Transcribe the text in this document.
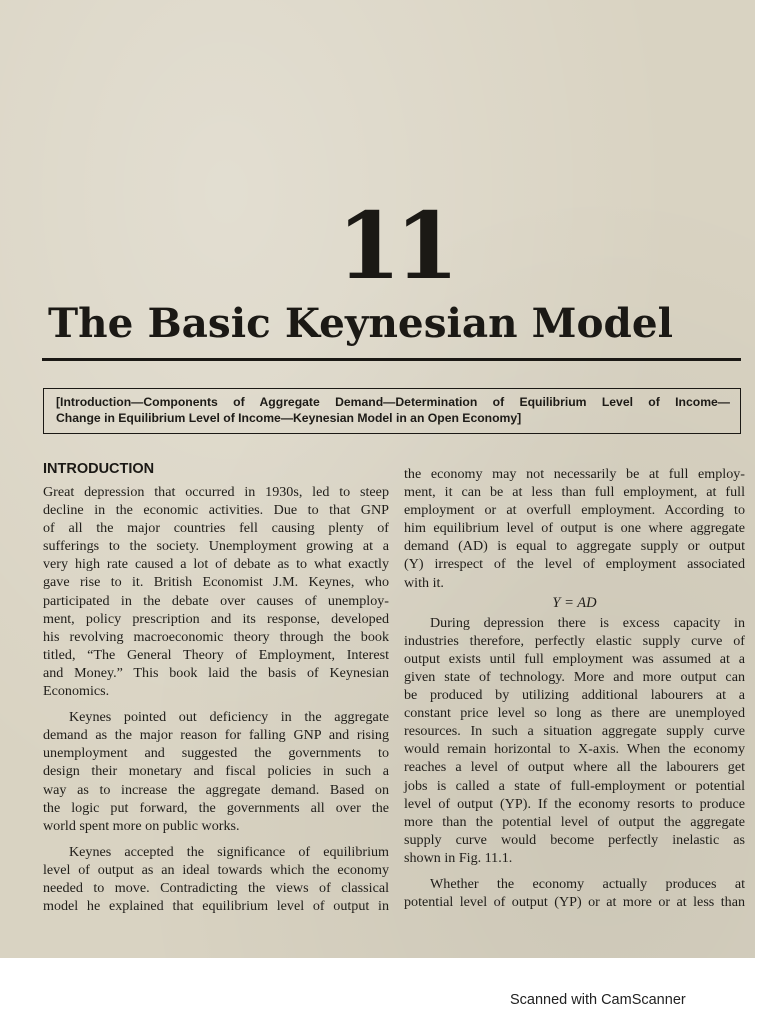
11
The Basic Keynesian Model
[Introduction—Components of Aggregate Demand—Determination of Equilibrium Level of Income—
Change in Equilibrium Level of Income—Keynesian Model in an Open Economy]
INTRODUCTION
Great depression that occurred in 1930s, led to steep
decline in the economic activities. Due to that GNP
of all the major countries fell causing plenty of
sufferings to the society. Unemployment growing at a
very high rate caused a lot of debate as to what exactly
gave rise to it. British Economist J.M. Keynes, who
participated in the debate over causes of unemploy-
ment, policy prescription and its response, developed
his revolving macroeconomic theory through the book
titled, “The General Theory of Employment, Interest
and Money.” This book laid the basis of Keynesian
Economics.
Keynes pointed out deficiency in the aggregate
demand as the major reason for falling GNP and rising
unemployment and suggested the governments to
design their monetary and fiscal policies in such a
way as to increase the aggregate demand. Based on
the logic put forward, the governments all over the
world spent more on public works.
Keynes accepted the significance of equilibrium
level of output as an ideal towards which the economy
needed to move. Contradicting the views of classical
model he explained that equilibrium level of output in
the economy may not necessarily be at full employ-
ment, it can be at less than full employment, at full
employment or at overfull employment. According to
him equilibrium level of output is one where aggregate
demand (AD) is equal to aggregate supply or output
(Y) irrespect of the level of employment associated
with it.
Y = AD
During depression there is excess capacity in
industries therefore, perfectly elastic supply curve of
output exists until full employment was assumed at a
given state of technology. More and more output can
be produced by utilizing additional labourers at a
constant price level so long as there are unemployed
resources. In such a situation aggregate supply curve
would remain horizontal to X-axis. When the economy
reaches a level of output where all the labourers get
jobs is called a state of full-employment or potential
level of output (YP). If the economy resorts to produce
more than the potential level of output the aggregate
supply curve would become perfectly inelastic as
shown in Fig. 11.1.
Whether the economy actually produces at
potential level of output (YP) or at more or at less than
Scanned with CamScanner
